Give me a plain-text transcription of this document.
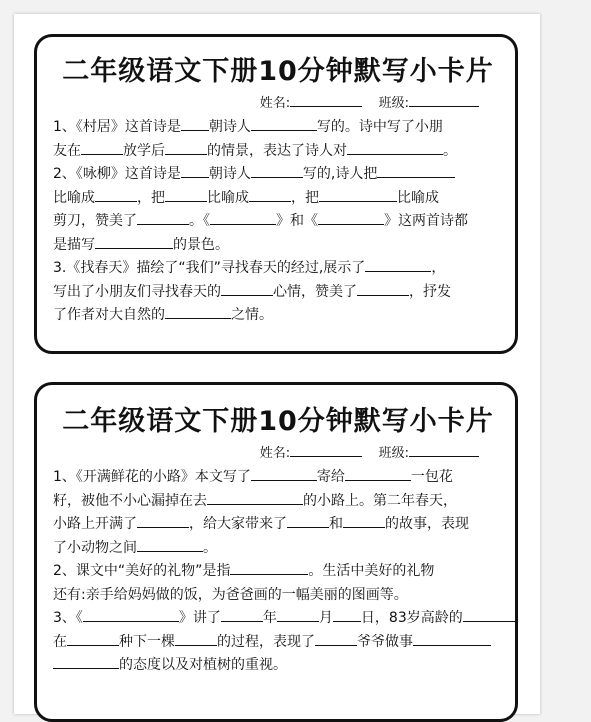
二年级语文下册10分钟默写小卡片
姓名:	班级:
1、《村居》这首诗是 朝诗人	写的。诗中写了小朋
友在	放学后	的情景，表达了诗人对	。
2、《咏柳》这首诗是 朝诗人	写的,诗人把
比喻成	，把	比喻成	，把	比喻成
剪刀，赞美了	。《	》和《	》这两首诗都
是描写	的景色。
3.《找春天》描绘了“我们”寻找春天的经过,展示了	，
写出了小朋友们寻找春天的	心情，赞美了	，抒发
了作者对大自然的	之情。
二年级语文下册10分钟默写小卡片
姓名:	班级:
1、《开满鲜花的小路》本文写了	寄给	一包花
籽，被他不小心漏掉在去	的小路上。第二年春天，
小路上开满了	，给大家带来了	和	的故事，表现
了小动物之间	。
2、课文中“美好的礼物”是指	。生活中美好的礼物
还有:亲手给妈妈做的饭，为爸爸画的一幅美丽的图画等。
3、《	》讲了	年	月 日，83岁高龄的
在	种下一棵	的过程，表现了	爷爷做事
的态度以及对植树的重视。
